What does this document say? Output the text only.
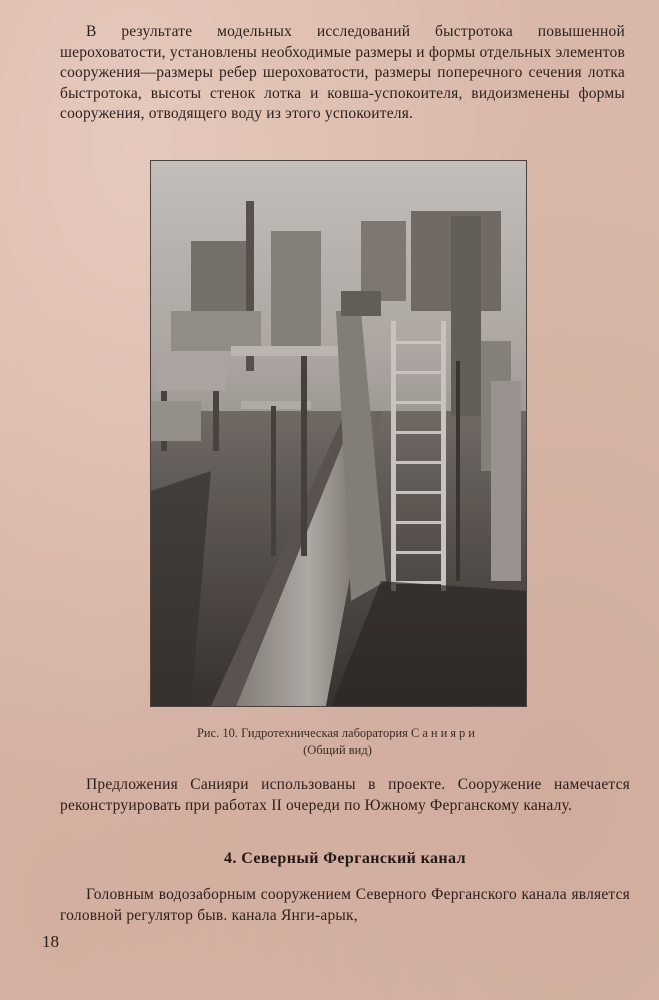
В результате модельных исследований быстротока повышенной шероховатости, установлены необходимые размеры и формы отдельных элементов сооружения—размеры ребер шероховатости, размеры поперечного сечения лотка быстротока, высоты стенок лотка и ковша-успокоителя, видоизменены формы сооружения, отводящего воду из этого успокоителя.

Рис. 10. Гидротехническая лаборатория Санияри
(Общий вид)

Предложения Санияри использованы в проекте. Сооружение намечается реконструировать при работах II очереди по Южному Ферганскому каналу.

4. Северный Ферганский канал

Головным водозаборным сооружением Северного Ферганского канала является головной регулятор быв. канала Янги-арык,

18
